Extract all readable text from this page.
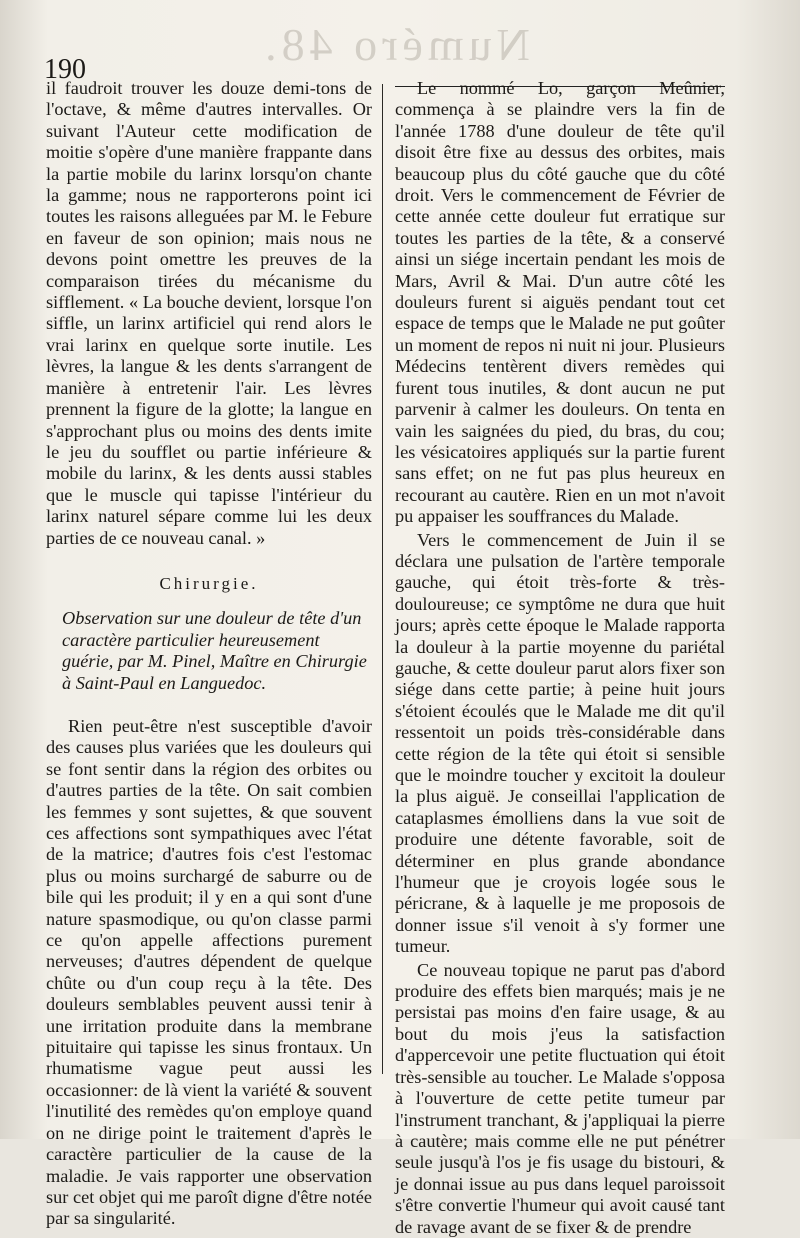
Numéro 48.
190

il faudroit trouver les douze demi-tons de l'octave, & même d'autres intervalles. Or suivant l'Auteur cette modification de moitie s'opère d'une manière frappante dans la partie mobile du larinx lorsqu'on chante la gamme; nous ne rapporterons point ici toutes les raisons alleguées par M. le Febure en faveur de son opinion; mais nous ne devons point omettre les preuves de la comparaison tirées du mécanisme du sifflement. « La bouche devient, lorsque l'on siffle, un larinx artificiel qui rend alors le vrai larinx en quelque sorte inutile. Les lèvres, la langue & les dents s'arrangent de manière à entretenir l'air. Les lèvres prennent la figure de la glotte; la langue en s'approchant plus ou moins des dents imite le jeu du soufflet ou partie inférieure & mobile du larinx, & les dents aussi stables que le muscle qui tapisse l'intérieur du larinx naturel sépare comme lui les deux parties de ce nouveau canal. »

Chirurgie.

Observation sur une douleur de tête d'un caractère particulier heureusement guérie, par M. Pinel, Maître en Chirurgie à Saint-Paul en Languedoc.

Rien peut-être n'est susceptible d'avoir des causes plus variées que les douleurs qui se font sentir dans la région des orbites ou d'autres parties de la tête. On sait combien les femmes y sont sujettes, & que souvent ces affections sont sympathiques avec l'état de la matrice; d'autres fois c'est l'estomac plus ou moins surchargé de saburre ou de bile qui les produit; il y en a qui sont d'une nature spasmodique, ou qu'on classe parmi ce qu'on appelle affections purement nerveuses; d'autres dépendent de quelque chûte ou d'un coup reçu à la tête. Des douleurs semblables peuvent aussi tenir à une irritation produite dans la membrane pituitaire qui tapisse les sinus frontaux. Un rhumatisme vague peut aussi les occasionner: de là vient la variété & souvent l'inutilité des remèdes qu'on employe quand on ne dirige point le traitement d'après le caractère particulier de la cause de la maladie. Je vais rapporter une observation sur cet objet qui me paroît digne d'être notée par sa singularité.

Le nommé Lo, garçon Meûnier, commença à se plaindre vers la fin de l'année 1788 d'une douleur de tête qu'il disoit être fixe au dessus des orbites, mais beaucoup plus du côté gauche que du côté droit. Vers le commencement de Février de cette année cette douleur fut erratique sur toutes les parties de la tête, & a conservé ainsi un siége incertain pendant les mois de Mars, Avril & Mai. D'un autre côté les douleurs furent si aiguës pendant tout cet espace de temps que le Malade ne put goûter un moment de repos ni nuit ni jour. Plusieurs Médecins tentèrent divers remèdes qui furent tous inutiles, & dont aucun ne put parvenir à calmer les douleurs. On tenta en vain les saignées du pied, du bras, du cou; les vésicatoires appliqués sur la partie furent sans effet; on ne fut pas plus heureux en recourant au cautère. Rien en un mot n'avoit pu appaiser les souffrances du Malade.

Vers le commencement de Juin il se déclara une pulsation de l'artère temporale gauche, qui étoit très-forte & très-douloureuse; ce symptôme ne dura que huit jours; après cette époque le Malade rapporta la douleur à la partie moyenne du pariétal gauche, & cette douleur parut alors fixer son siége dans cette partie; à peine huit jours s'étoient écoulés que le Malade me dit qu'il ressentoit un poids très-considérable dans cette région de la tête qui étoit si sensible que le moindre toucher y excitoit la douleur la plus aiguë. Je conseillai l'application de cataplasmes émolliens dans la vue soit de produire une détente favorable, soit de déterminer en plus grande abondance l'humeur que je croyois logée sous le péricrane, & à laquelle je me proposois de donner issue s'il venoit à s'y former une tumeur.

Ce nouveau topique ne parut pas d'abord produire des effets bien marqués; mais je ne persistai pas moins d'en faire usage, & au bout du mois j'eus la satisfaction d'appercevoir une petite fluctuation qui étoit très-sensible au toucher. Le Malade s'opposa à l'ouverture de cette petite tumeur par l'instrument tranchant, & j'appliquai la pierre à cautère; mais comme elle ne put pénétrer seule jusqu'à l'os je fis usage du bistouri, & je donnai issue au pus dans lequel paroissoit s'être convertie l'humeur qui avoit causé tant de ravage avant de se fixer & de prendre
